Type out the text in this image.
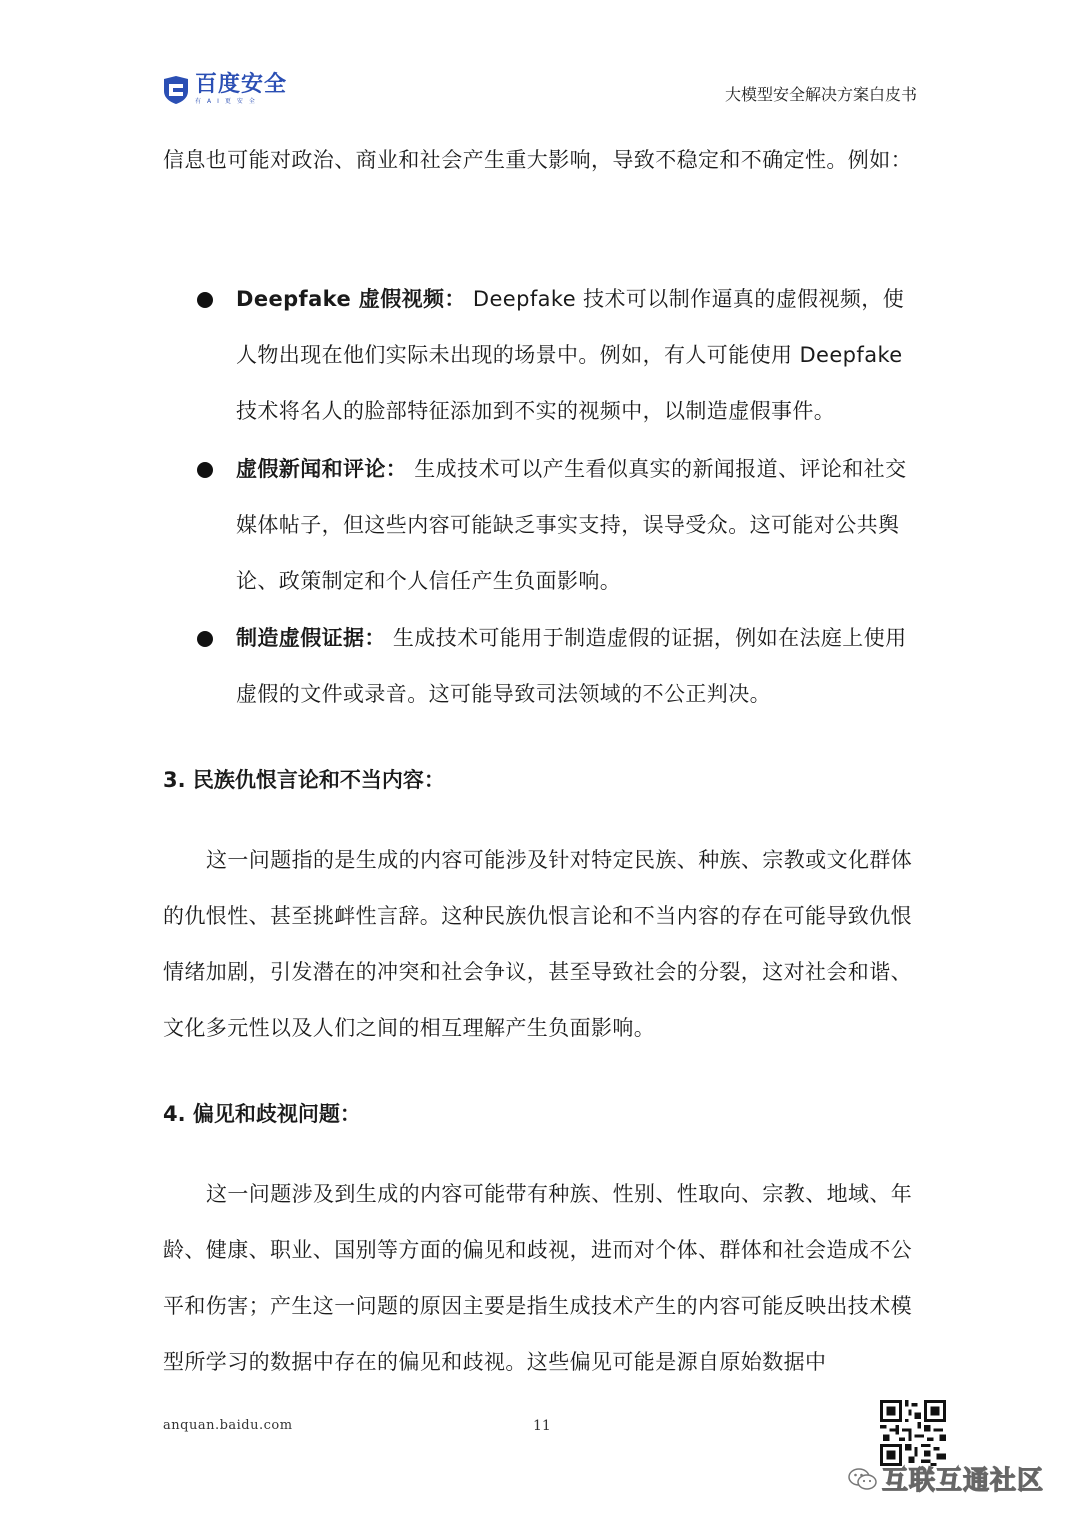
百度安全
有AI更安全	大模型安全解决方案白皮书
信息也可能对政治、商业和社会产生重大影响，导致不稳定和不确定性。例如：
Deepfake 虚假视频： Deepfake 技术可以制作逼真的虚假视频，使人物出现在他们实际未出现的场景中。例如，有人可能使用 Deepfake 技术将名人的脸部特征添加到不实的视频中，以制造虚假事件。
虚假新闻和评论： 生成技术可以产生看似真实的新闻报道、评论和社交媒体帖子，但这些内容可能缺乏事实支持，误导受众。这可能对公共舆论、政策制定和个人信任产生负面影响。
制造虚假证据： 生成技术可能用于制造虚假的证据，例如在法庭上使用虚假的文件或录音。这可能导致司法领域的不公正判决。
3. 民族仇恨言论和不当内容：
这一问题指的是生成的内容可能涉及针对特定民族、种族、宗教或文化群体的仇恨性、甚至挑衅性言辞。这种民族仇恨言论和不当内容的存在可能导致仇恨情绪加剧，引发潜在的冲突和社会争议，甚至导致社会的分裂，这对社会和谐、文化多元性以及人们之间的相互理解产生负面影响。
4. 偏见和歧视问题：
这一问题涉及到生成的内容可能带有种族、性别、性取向、宗教、地域、年龄、健康、职业、国别等方面的偏见和歧视，进而对个体、群体和社会造成不公平和伤害；产生这一问题的原因主要是指生成技术产生的内容可能反映出技术模型所学习的数据中存在的偏见和歧视。这些偏见可能是源自原始数据中
anquan.baidu.com	11
互联互通社区
